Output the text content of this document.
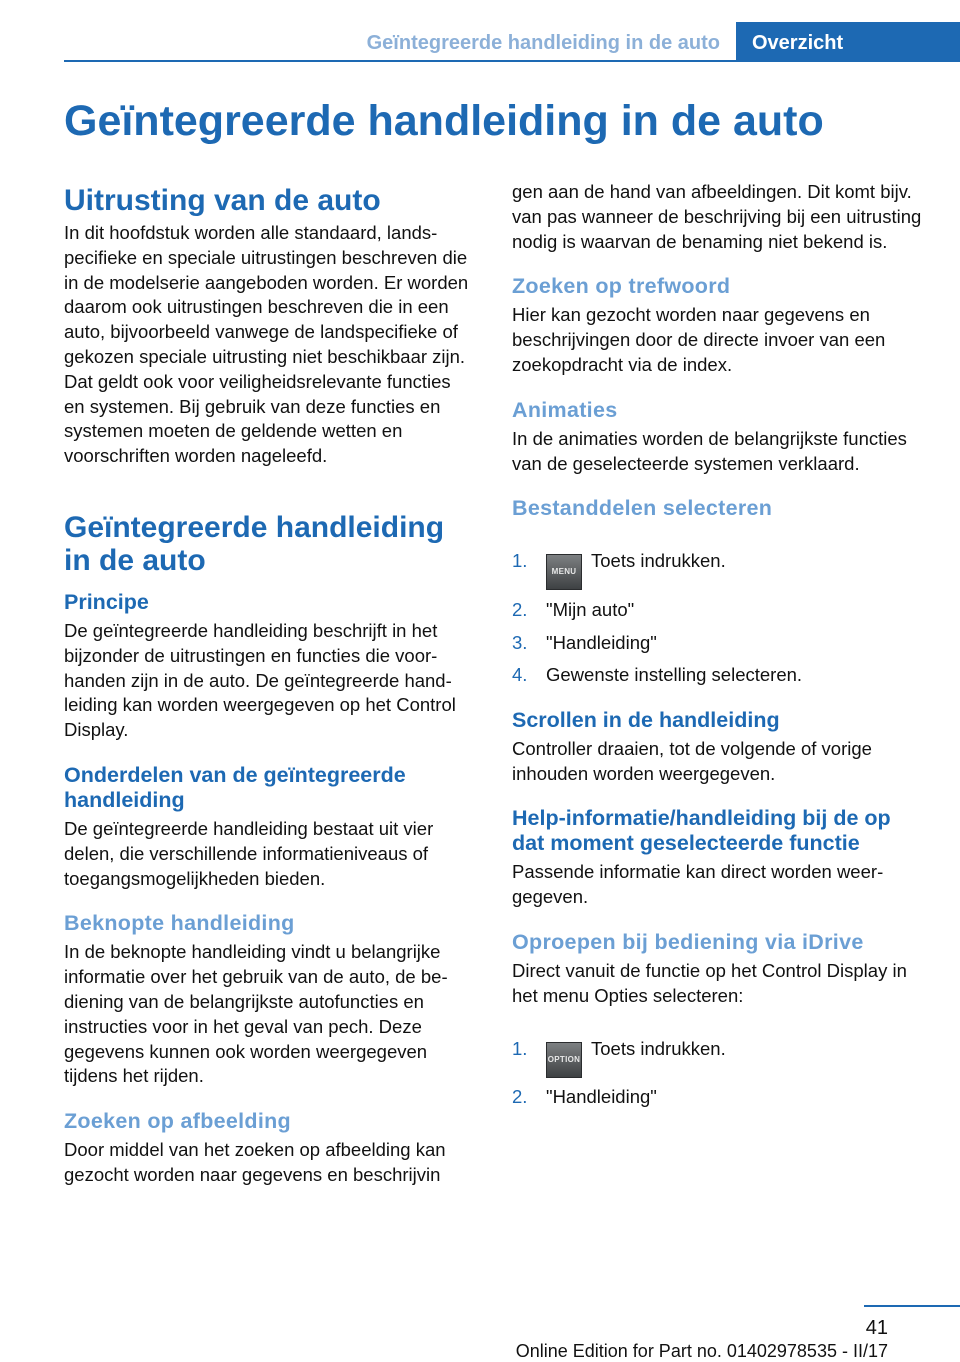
Geïntegreerde handleiding in de auto	Overzicht
Geïntegreerde handleiding in de auto
Uitrusting van de auto

In dit hoofdstuk worden alle standaard, landspecifieke en speciale uitrustingen beschreven die in de modelserie aangeboden worden. Er worden daarom ook uitrustingen beschreven die in een auto, bijvoorbeeld vanwege de landspecifieke of gekozen speciale uitrusting niet beschikbaar zijn. Dat geldt ook voor veiligheidsrelevante functies en systemen. Bij gebruik van deze functies en systemen moeten de geldende wetten en voorschriften worden nageleefd.

Geïntegreerde handleiding in de auto
Principe

De geïntegreerde handleiding beschrijft in het bijzonder de uitrustingen en functies die voorhanden zijn in de auto. De geïntegreerde handleiding kan worden weergegeven op het Control Display.

Onderdelen van de geïntegreerde handleiding

De geïntegreerde handleiding bestaat uit vier delen, die verschillende informatieniveaus of toegangsmogelijkheden bieden.

Beknopte handleiding

In de beknopte handleiding vindt u belangrijke informatie over het gebruik van de auto, de bediening van de belangrijkste autofuncties en instructies voor in het geval van pech. Deze gegevens kunnen ook worden weergegeven tijdens het rijden.

Zoeken op afbeelding

Door middel van het zoeken op afbeelding kan gezocht worden naar gegevens en beschrijvin

gen aan de hand van afbeeldingen. Dit komt bijv. van pas wanneer de beschrijving bij een uitrusting nodig is waarvan de benaming niet bekend is.

Zoeken op trefwoord

Hier kan gezocht worden naar gegevens en beschrijvingen door de directe invoer van een zoekopdracht via de index.

Animaties

In de animaties worden de belangrijkste functies van de geselecteerde systemen verklaard.

Bestanddelen selecteren
1.
MENUToets indrukken.
2. "Mijn auto"
3. "Handleiding"
4. Gewenste instelling selecteren.
Scrollen in de handleiding

Controller draaien, tot de volgende of vorige inhouden worden weergegeven.

Help-informatie/handleiding bij de op dat moment geselecteerde functie

Passende informatie kan direct worden weergegeven.

Oproepen bij bediening via iDrive

Direct vanuit de functie op het Control Display in het menu Opties selecteren:

1.
OPTIONToets indrukken.
2. "Handleiding"
41
Online Edition for Part no. 01402978535 - II/17
